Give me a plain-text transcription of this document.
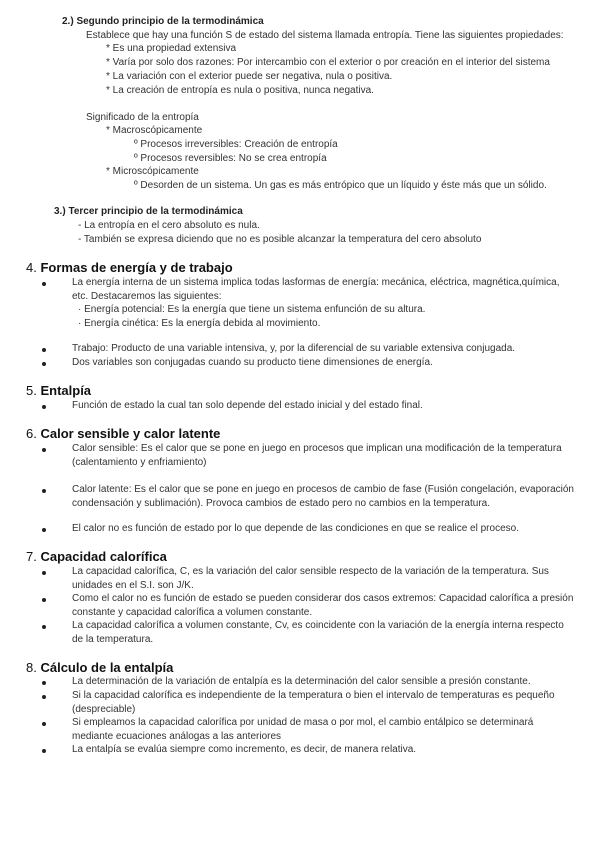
2.) Segundo principio de la termodinámica
Establece que hay una función S de estado del sistema llamada entropía. Tiene las siguientes propiedades:
* Es una propiedad extensiva
* Varía por solo dos razones: Por intercambio con el exterior o por creación en el interior del sistema
* La variación con el exterior puede ser negativa, nula o positiva.
* La creación de entropía es nula o positiva, nunca negativa.
Significado de la entropía
* Macroscópicamente
º Procesos irreversibles: Creación de entropía
º Procesos reversibles: No se crea entropía
* Microscópicamente
º Desorden de un sistema. Un gas es más entrópico que un líquido y éste más que un sólido.
3.) Tercer principio de la termodinámica
- La entropía en el cero absoluto es nula.
- También se expresa diciendo que no es posible alcanzar la temperatura del cero absoluto
4. Formas de energía y de trabajo
La energía interna de un sistema implica todas lasformas de energía: mecánica, eléctrica, magnética,química,
etc. Destacaremos las siguientes:
· Energía potencial: Es la energía que tiene un sistema enfunción de su altura.
· Energía cinética: Es la energía debida al movimiento.
Trabajo: Producto de una variable intensiva, y, por la diferencial de su variable extensiva conjugada.
Dos variables son conjugadas cuando su producto tiene dimensiones de energía.
5. Entalpía
Función de estado la cual tan solo depende del estado inicial y del estado final.
6. Calor sensible y calor latente
Calor sensible: Es el calor que se pone en juego en procesos que implican una modificación de la temperatura
(calentamiento y enfriamiento)
Calor latente: Es el calor que se pone en juego en procesos de cambio de fase (Fusión congelación, evaporación
condensación y sublimación). Provoca cambios de estado pero no cambios en la temperatura.
El calor no es función de estado por lo que depende de las condiciones en que se realice el proceso.
7. Capacidad calorífica
La capacidad calorífica, C, es la variación del calor sensible respecto de la variación de la temperatura. Sus
unidades en el S.I. son J/K.
Como el calor no es función de estado se pueden considerar dos casos extremos: Capacidad calorífica a presión
constante y capacidad calorífica a volumen constante.
La capacidad calorífica a volumen constante, Cv, es coincidente con la variación de la energía interna respecto
de la temperatura.
8. Cálculo de la entalpía
La determinación de la variación de entalpía es la determinación del calor sensible a presión constante.
Si la capacidad calorífica es independiente de la temperatura o bien el intervalo de temperaturas es pequeño
(despreciable)
Si empleamos la capacidad calorífica por unidad de masa o por mol, el cambio entálpico se determinará
mediante ecuaciones análogas a las anteriores
La entalpía se evalúa siempre como incremento, es decir, de manera relativa.
